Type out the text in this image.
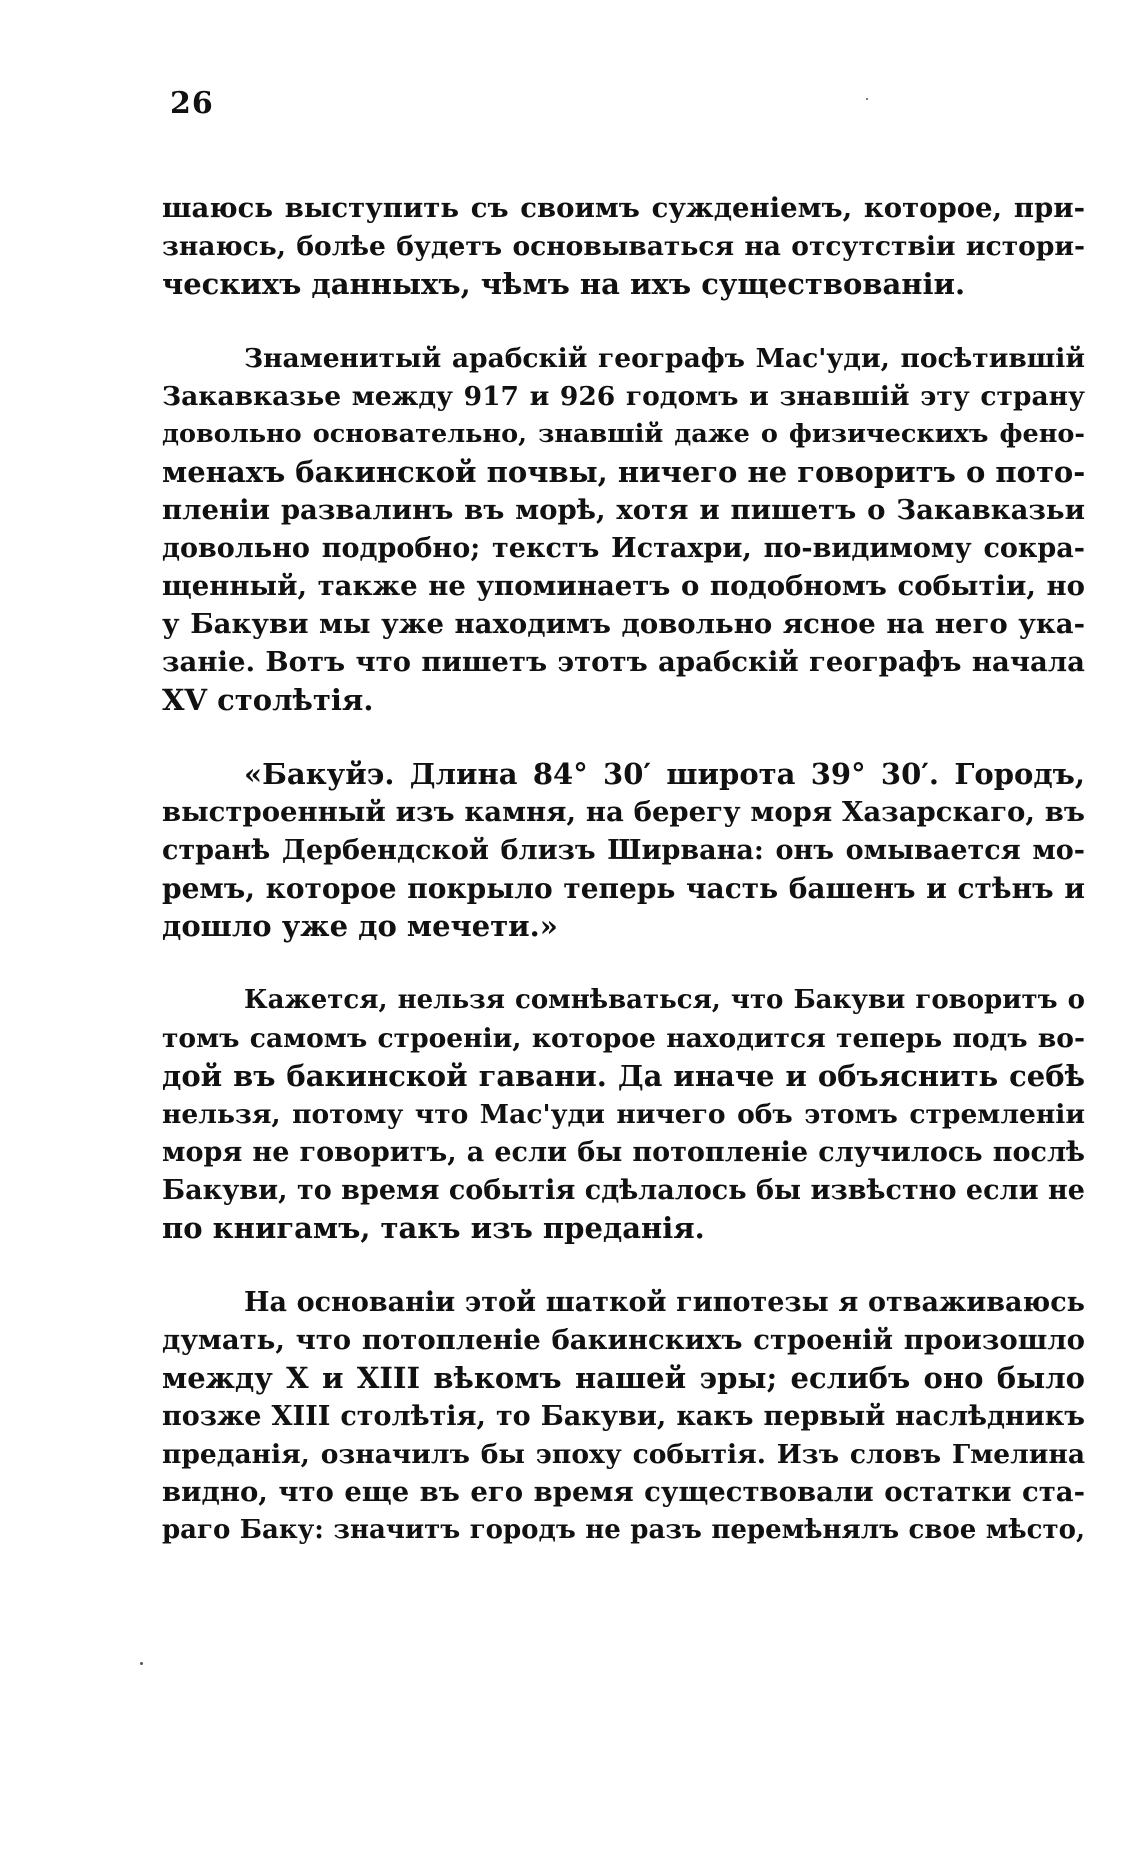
26

шаюсь выступить съ своимъ сужденіемъ, которое, при-

знаюсь, болѣе будетъ основываться на отсутствіи истори-

ческихъ данныхъ, чѣмъ на ихъ существованіи.

Знаменитый арабскій географъ Мас'уди, посѣтившій

Закавказье между 917 и 926 годомъ и знавшій эту страну

довольно основательно, знавшій даже о физическихъ фено-

менахъ бакинской почвы, ничего не говоритъ о пото-

пленіи развалинъ въ морѣ, хотя и пишетъ о Закавказьи

довольно подробно; текстъ Истахри, по-видимому сокра-

щенный, также не упоминаетъ о подобномъ событіи, но

у Бакуви мы уже находимъ довольно ясное на него ука-

заніе. Вотъ что пишетъ этотъ арабскій географъ начала

XV столѣтія.

«Бакуйэ. Длина 84° 30′ широта 39° 30′. Городъ,

выстроенный изъ камня, на берегу моря Хазарскаго, въ

странѣ Дербендской близъ Ширвана: онъ омывается мо-

ремъ, которое покрыло теперь часть башенъ и стѣнъ и

дошло уже до мечети.»

Кажется, нельзя сомнѣваться, что Бакуви говоритъ о

томъ самомъ строеніи, которое находится теперь подъ во-

дой въ бакинской гавани. Да иначе и объяснить себѣ

нельзя, потому что Мас'уди ничего объ этомъ стремленіи

моря не говоритъ, а если бы потопленіе случилось послѣ

Бакуви, то время событія сдѣлалось бы извѣстно если не

по книгамъ, такъ изъ преданія.

На основаніи этой шаткой гипотезы я отваживаюсь

думать, что потопленіе бакинскихъ строеній произошло

между X и XIII вѣкомъ нашей эры; еслибъ оно было

позже XIII столѣтія, то Бакуви, какъ первый наслѣдникъ

преданія, означилъ бы эпоху событія. Изъ словъ Гмелина

видно, что еще въ его время существовали остатки ста-

раго Баку: значитъ городъ не разъ перемѣнялъ свое мѣсто,
